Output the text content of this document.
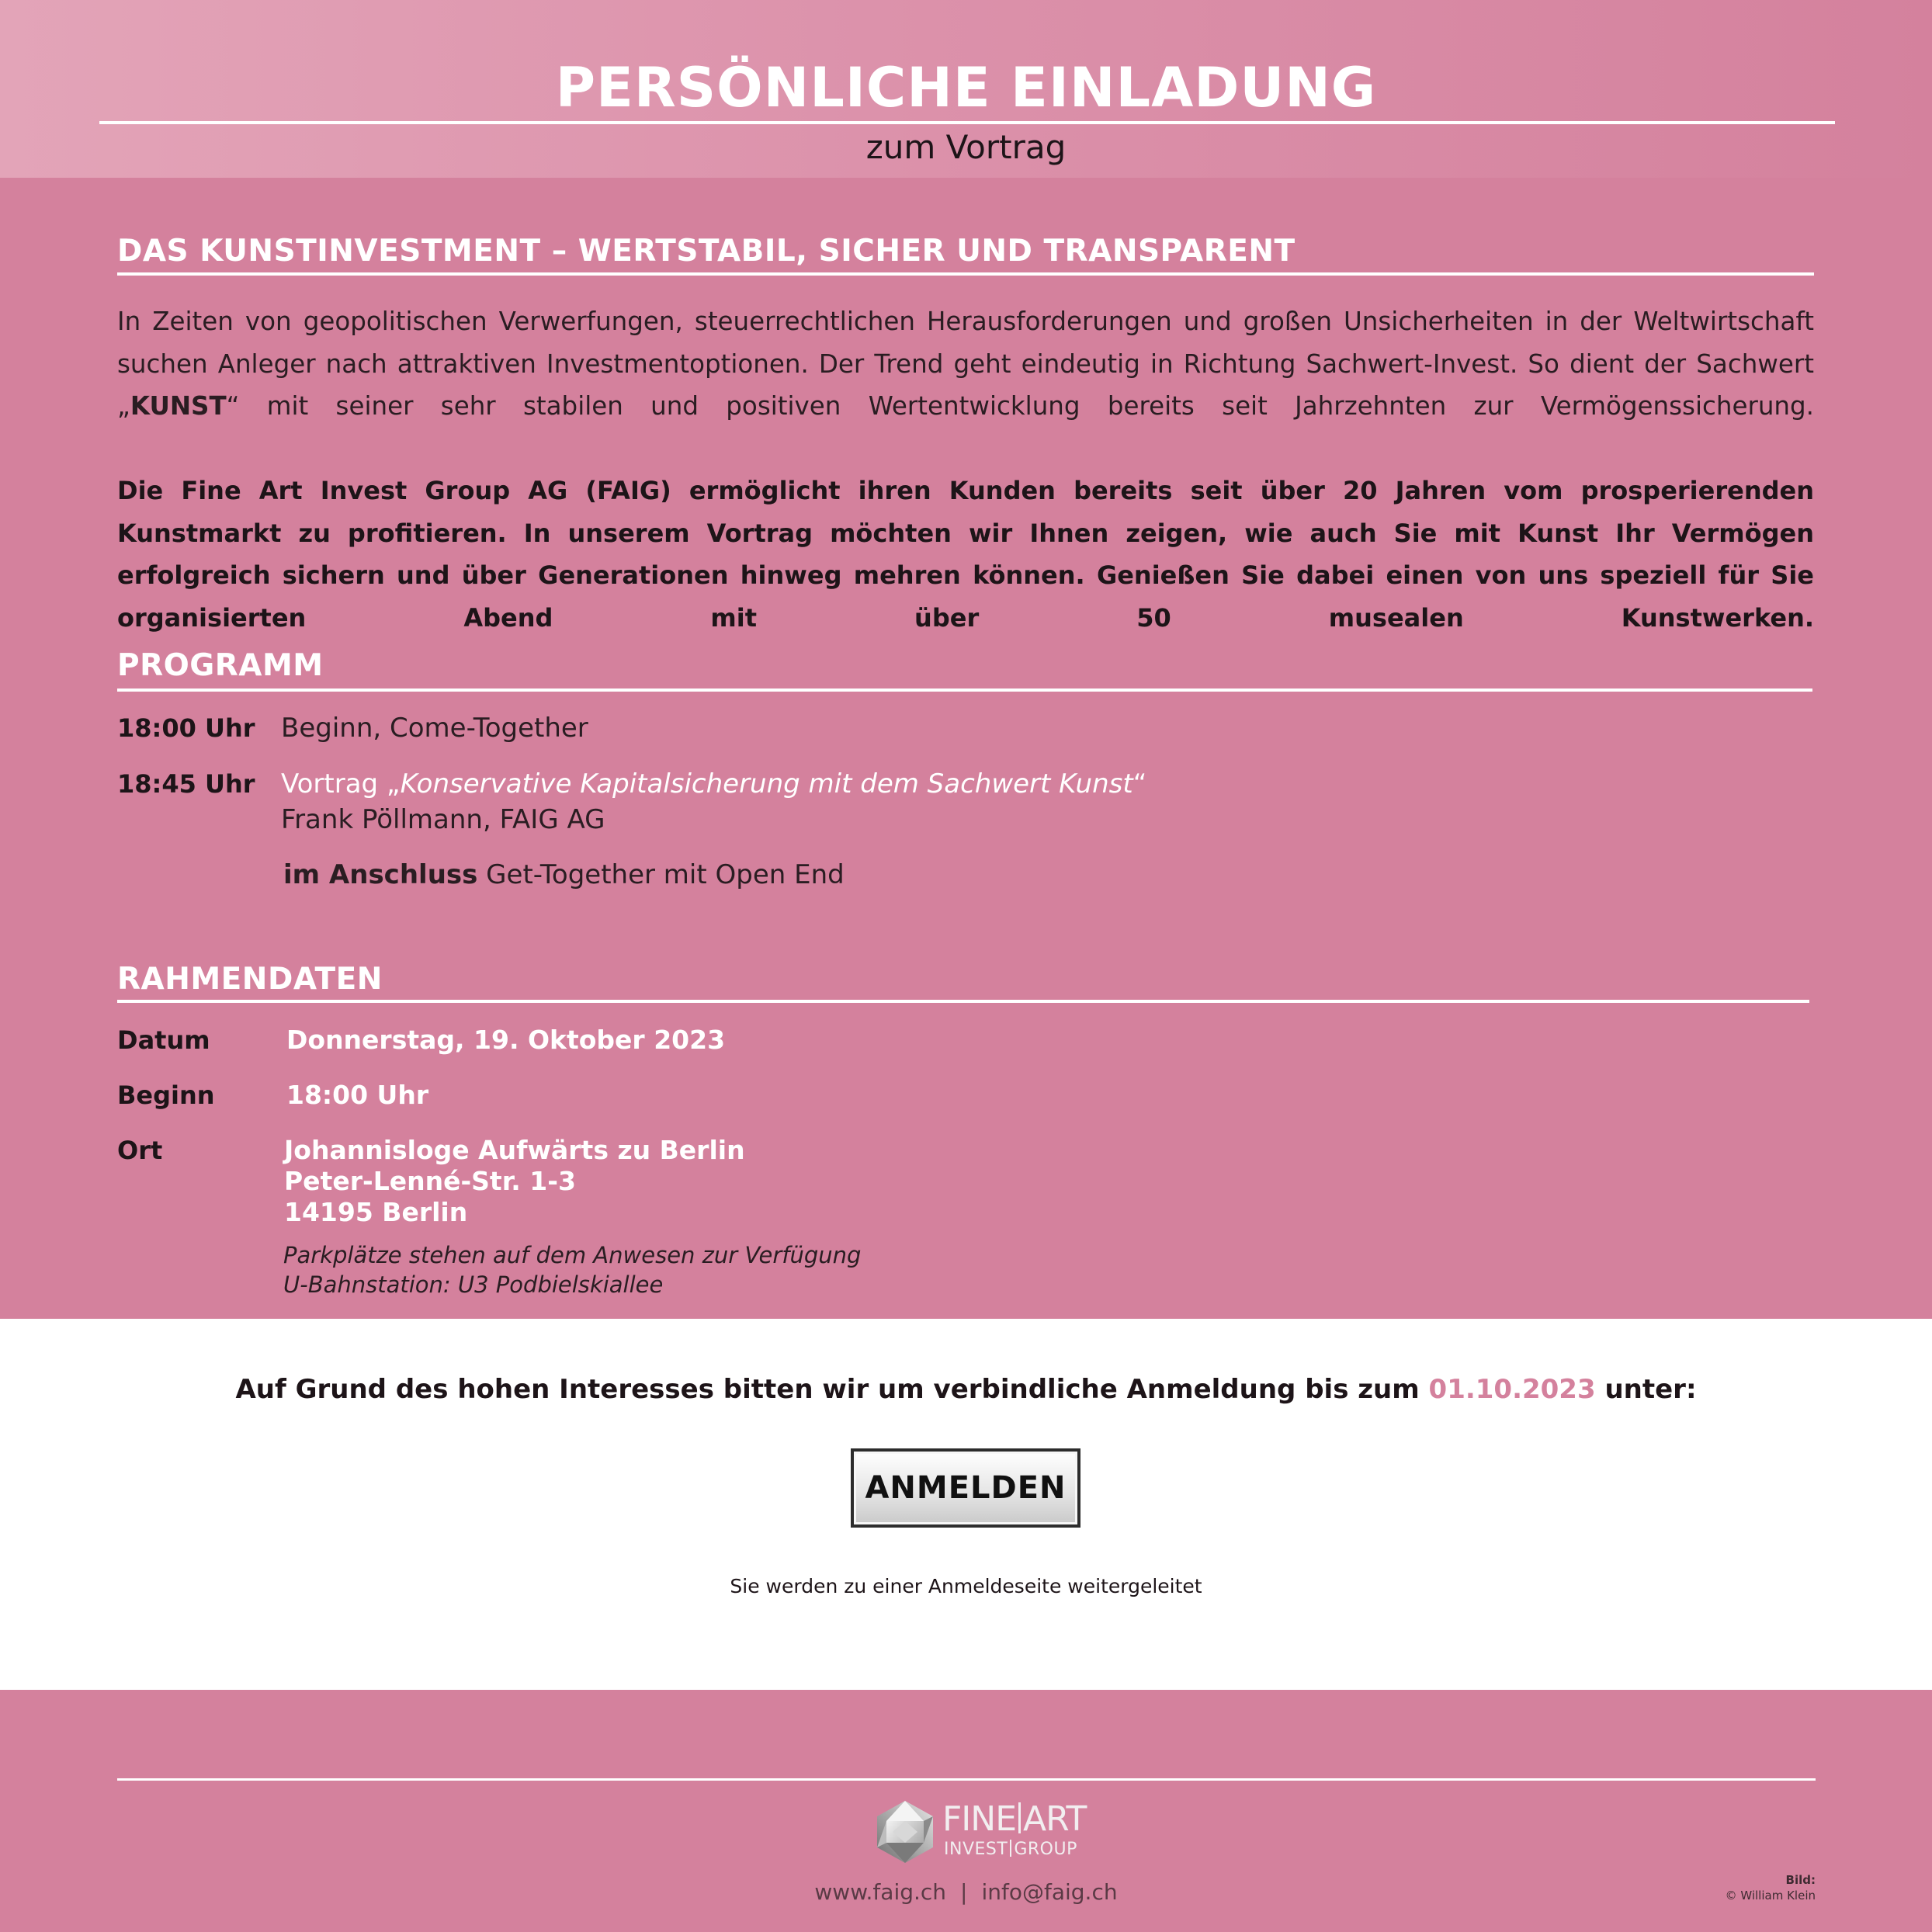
PERSÖNLICHE EINLADUNG
zum Vortrag
DAS KUNSTINVESTMENT – WERTSTABIL, SICHER UND TRANSPARENT

In Zeiten von geopolitischen Verwerfungen, steuerrechtlichen Herausforderungen und großen Unsicherheiten in der Weltwirtschaft suchen Anleger nach attraktiven Investmentoptionen. Der Trend geht eindeutig in Richtung Sachwert-Invest. So dient der Sachwert „KUNST“ mit seiner sehr stabilen und positiven Wertentwicklung bereits seit Jahrzehnten zur Vermögenssicherung.

Die Fine Art Invest Group AG (FAIG) ermöglicht ihren Kunden bereits seit über 20 Jahren vom prosperierenden Kunstmarkt zu profitieren. In unserem Vortrag möchten wir Ihnen zeigen, wie auch Sie mit Kunst Ihr Vermögen erfolgreich sichern und über Generationen hinweg mehren können. Genießen Sie dabei einen von uns speziell für Sie organisierten Abend mit über 50 musealen Kunstwerken.

PROGRAMM
18:00 Uhr Beginn, Come-Together
18:45 Uhr Vortrag „Konservative Kapitalsicherung mit dem Sachwert Kunst“
Frank Pöllmann, FAIG AG
im Anschluss Get-Together mit Open End
RAHMENDATEN
Datum	Donnerstag, 19. Oktober 2023
Beginn	18:00 Uhr
Ort	Johannisloge Aufwärts zu Berlin
Peter-Lenné-Str. 1-3
14195 Berlin
Parkplätze stehen auf dem Anwesen zur Verfügung
U-Bahnstation: U3 Podbielskiallee
Auf Grund des hohen Interesses bitten wir um verbindliche Anmeldung bis zum 01.10.2023 unter:
ANMELDEN
Sie werden zu einer Anmeldeseite weitergeleitet
FINE ART
INVEST GROUP
www.faig.ch | info@faig.ch	Bild:
© William Klein
